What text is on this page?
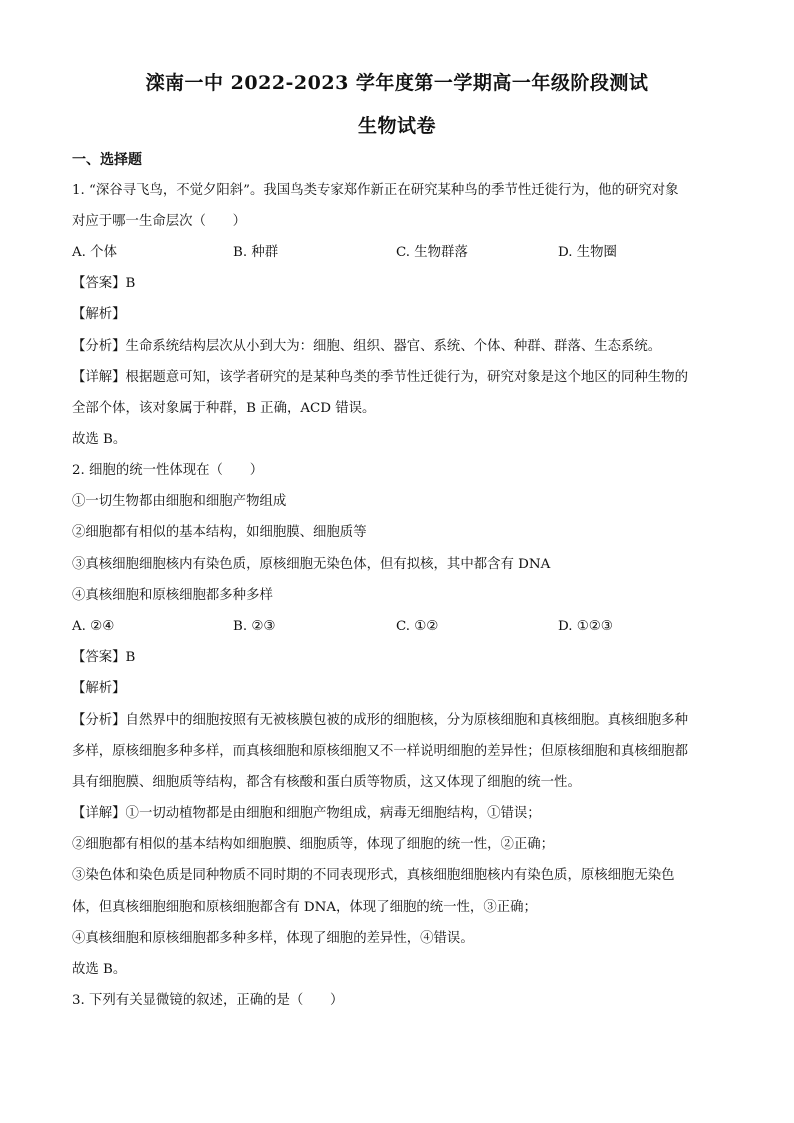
滦南一中 2022-2023 学年度第一学期高一年级阶段测试
生物试卷
一、选择题
1. “深谷寻飞鸟，不觉夕阳斜”。我国鸟类专家郑作新正在研究某种鸟的季节性迁徙行为，他的研究对象
对应于哪一生命层次（　　）
A. 个体	B. 种群	C. 生物群落	D. 生物圈
【答案】B
【解析】
【分析】生命系统结构层次从小到大为：细胞、组织、器官、系统、个体、种群、群落、生态系统。
【详解】根据题意可知，该学者研究的是某种鸟类的季节性迁徙行为，研究对象是这个地区的同种生物的
全部个体，该对象属于种群，B 正确，ACD 错误。
故选 B。
2. 细胞的统一性体现在（　　）
①一切生物都由细胞和细胞产物组成
②细胞都有相似的基本结构，如细胞膜、细胞质等
③真核细胞细胞核内有染色质，原核细胞无染色体，但有拟核，其中都含有 DNA
④真核细胞和原核细胞都多种多样
A. ②④	B. ②③	C. ①②	D. ①②③
【答案】B
【解析】
【分析】自然界中的细胞按照有无被核膜包被的成形的细胞核，分为原核细胞和真核细胞。真核细胞多种
多样，原核细胞多种多样，而真核细胞和原核细胞又不一样说明细胞的差异性；但原核细胞和真核细胞都
具有细胞膜、细胞质等结构，都含有核酸和蛋白质等物质，这又体现了细胞的统一性。
【详解】①一切动植物都是由细胞和细胞产物组成，病毒无细胞结构，①错误；
②细胞都有相似的基本结构如细胞膜、细胞质等，体现了细胞的统一性，②正确；
③染色体和染色质是同种物质不同时期的不同表现形式，真核细胞细胞核内有染色质，原核细胞无染色
体，但真核细胞细胞和原核细胞都含有 DNA，体现了细胞的统一性，③正确；
④真核细胞和原核细胞都多种多样，体现了细胞的差异性，④错误。
故选 B。
3. 下列有关显微镜的叙述，正确的是（　　）
